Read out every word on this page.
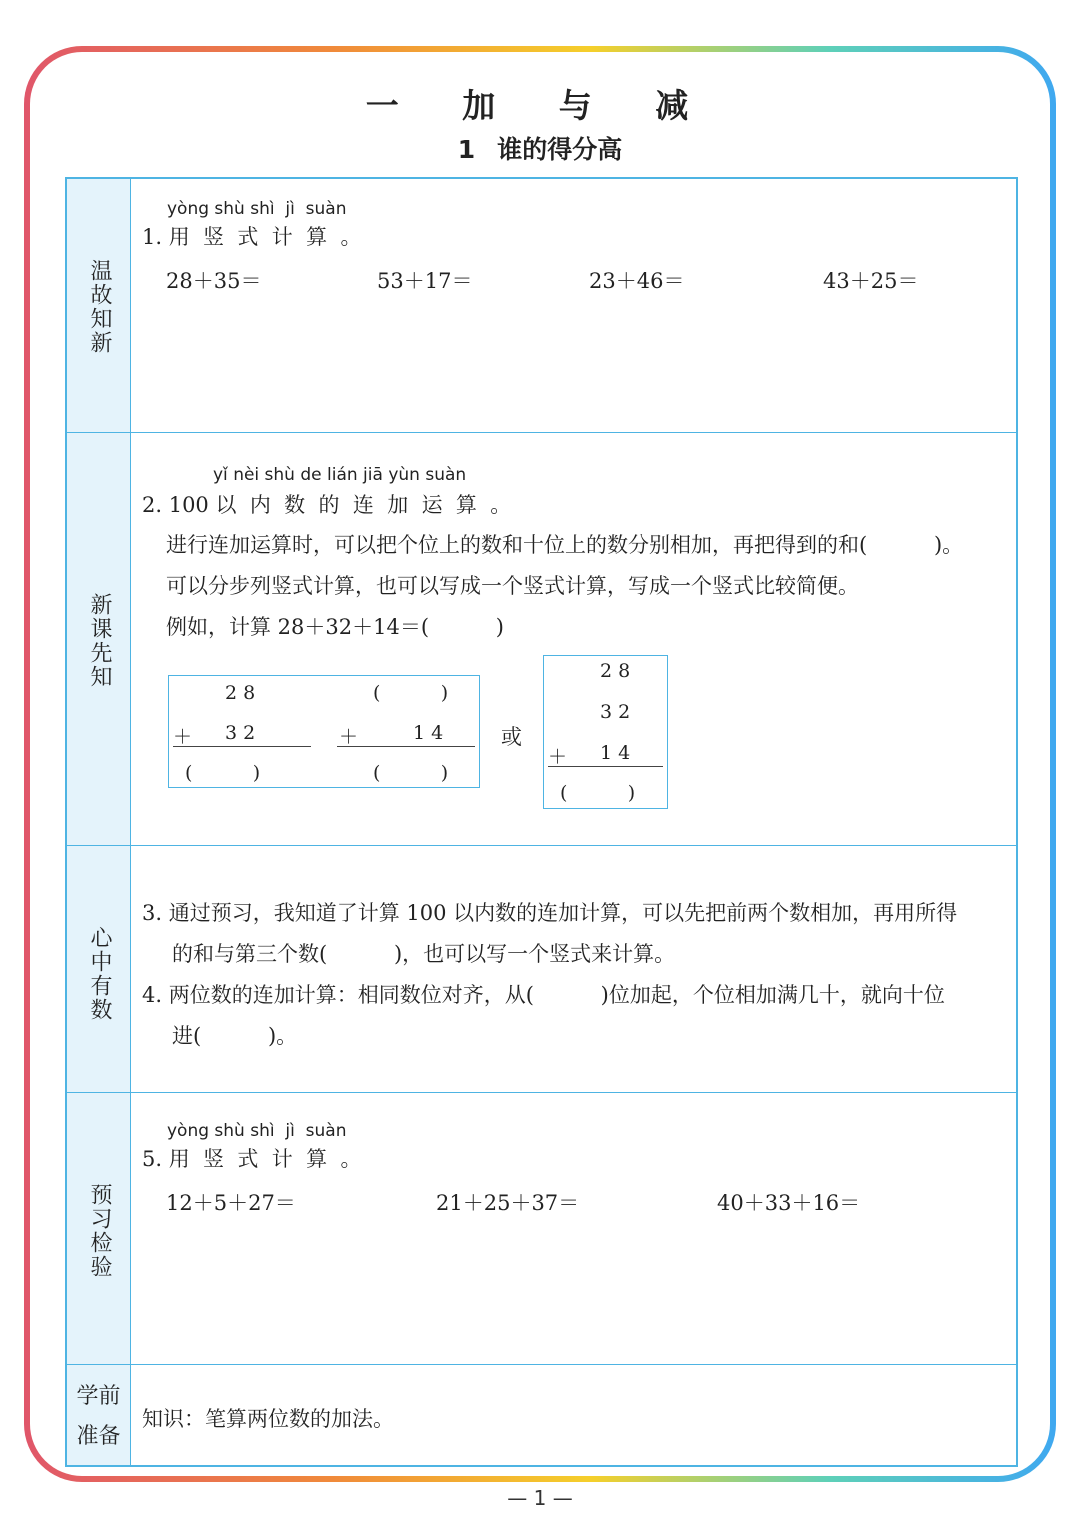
一 加 与 减
1 谁的得分高
温故知新
yòng shù shì  jì  suàn
1. 用  竖  式  计  算  。
28＋35＝	53＋17＝	23＋46＝	43＋25＝
新课先知
yǐ nèi shù de lián jiā yùn suàn
2. 100 以  内  数  的  连  加  运  算  。
进行连加运算时，可以把个位上的数和十位上的数分别相加，再把得到的和(          )。
可以分步列竖式计算，也可以写成一个竖式计算，写成一个竖式比较简便。
例如，计算 28＋32＋14＝(          )
2 8
＋ 3 2
(          )
(          )
＋	1 4
(          )
或
2 8
3 2
＋ 1 4
(          )
心中有数
3. 通过预习，我知道了计算 100 以内数的连加计算，可以先把前两个数相加，再用所得
的和与第三个数(          )，也可以写一个竖式来计算。
4. 两位数的连加计算：相同数位对齐，从(          )位加起，个位相加满几十，就向十位
进(          )。
预习检验
yòng shù shì  jì  suàn
5. 用  竖  式  计  算  。
12＋5＋27＝	21＋25＋37＝	40＋33＋16＝
学前
准备
知识：笔算两位数的加法。
— 1 —
